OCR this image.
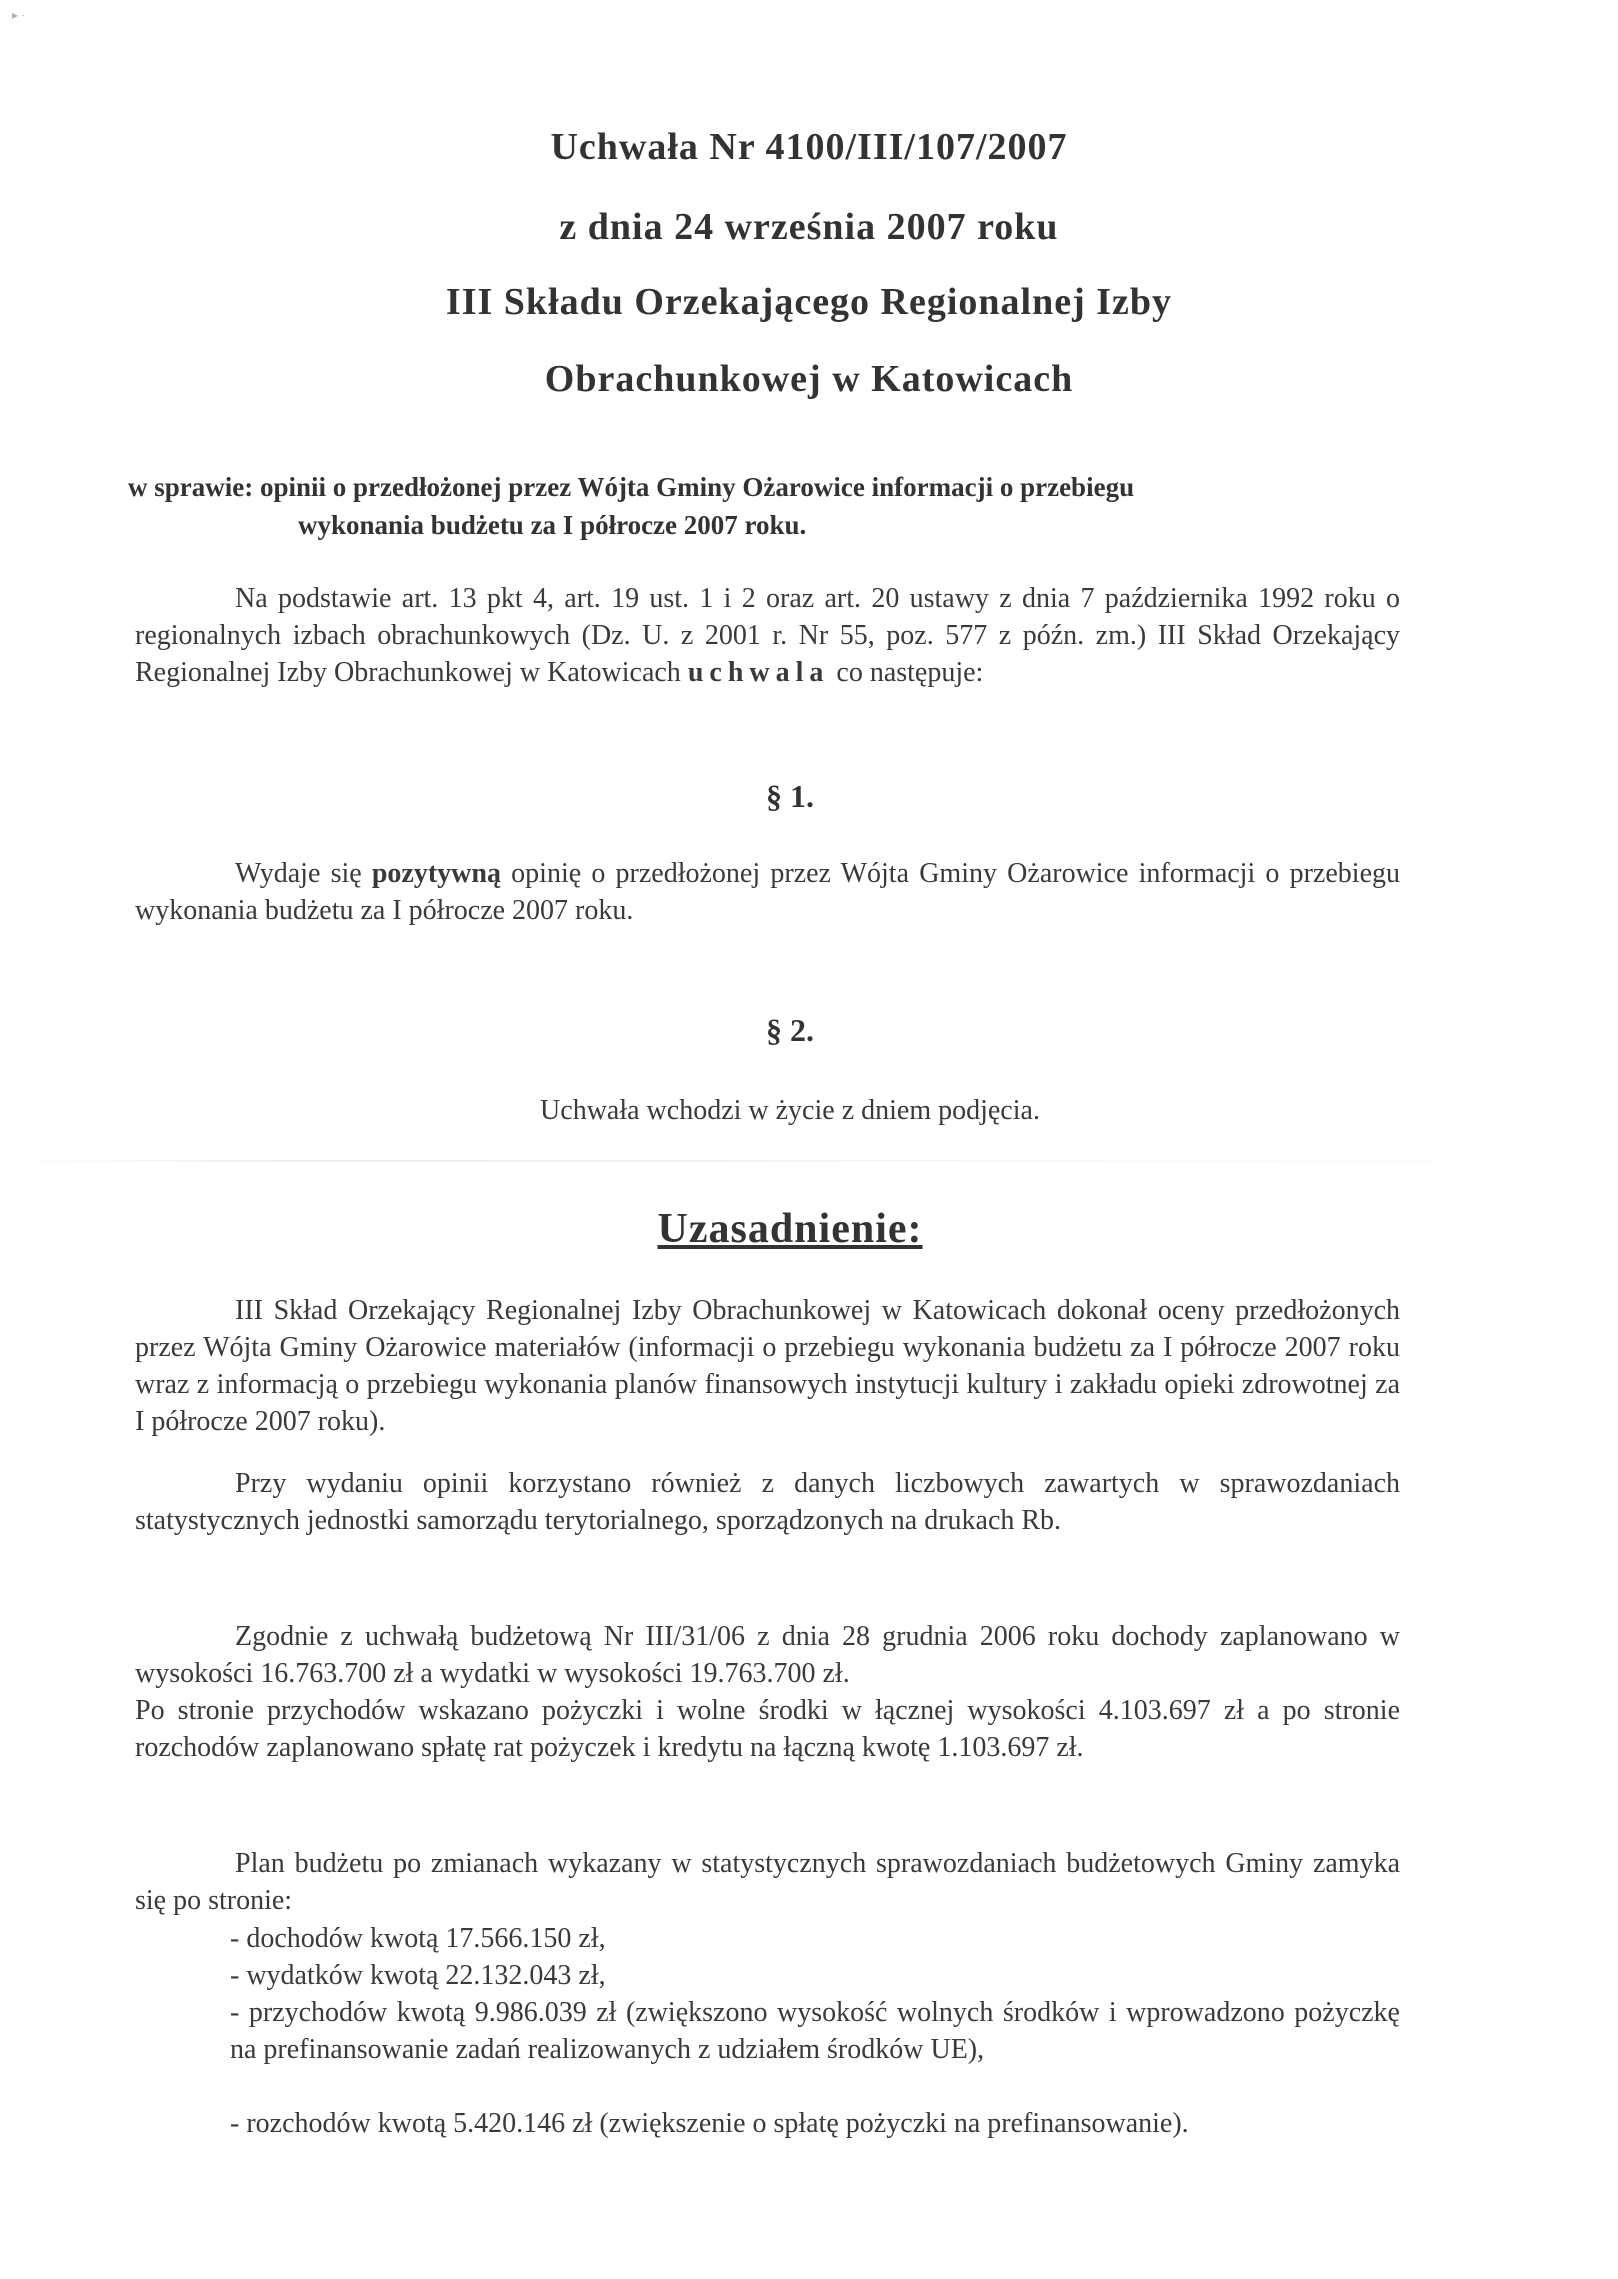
▸ ·
Uchwała Nr 4100/III/107/2007
z dnia 24 września 2007 roku
III Składu Orzekającego Regionalnej Izby
Obrachunkowej w Katowicach
w sprawie: opinii o przedłożonej przez Wójta Gminy Ożarowice informacji o przebiegu
wykonania budżetu za I półrocze 2007 roku.
Na podstawie art. 13 pkt 4, art. 19 ust. 1 i 2 oraz art. 20 ustawy z dnia 7 października 1992 roku o regionalnych izbach obrachunkowych (Dz. U. z 2001 r. Nr 55, poz. 577 z późn. zm.) III Skład Orzekający Regionalnej Izby Obrachunkowej w Katowicach uchwala co następuje:
§ 1.
Wydaje się pozytywną opinię o przedłożonej przez Wójta Gminy Ożarowice informacji o przebiegu wykonania budżetu za I półrocze 2007 roku.
§ 2.
Uchwała wchodzi w życie z dniem podjęcia.
Uzasadnienie:
III Skład Orzekający Regionalnej Izby Obrachunkowej w Katowicach dokonał oceny przedłożonych przez Wójta Gminy Ożarowice materiałów (informacji o przebiegu wykonania budżetu za I półrocze 2007 roku wraz z informacją o przebiegu wykonania planów finansowych instytucji kultury i zakładu opieki zdrowotnej za I półrocze 2007 roku).
Przy wydaniu opinii korzystano również z danych liczbowych zawartych w sprawozdaniach statystycznych jednostki samorządu terytorialnego, sporządzonych na drukach Rb.
Zgodnie z uchwałą budżetową Nr III/31/06 z dnia 28 grudnia 2006 roku dochody zaplanowano w wysokości 16.763.700 zł a wydatki w wysokości 19.763.700 zł.
Po stronie przychodów wskazano pożyczki i wolne środki w łącznej wysokości 4.103.697 zł a po stronie rozchodów zaplanowano spłatę rat pożyczek i kredytu na łączną kwotę 1.103.697 zł.
Plan budżetu po zmianach wykazany w statystycznych sprawozdaniach budżetowych Gminy zamyka się po stronie:
- dochodów kwotą 17.566.150 zł,
- wydatków kwotą 22.132.043 zł,
- przychodów kwotą 9.986.039 zł (zwiększono wysokość wolnych środków i wprowadzono pożyczkę na prefinansowanie zadań realizowanych z udziałem środków UE),
- rozchodów kwotą 5.420.146 zł (zwiększenie o spłatę pożyczki na prefinansowanie).
